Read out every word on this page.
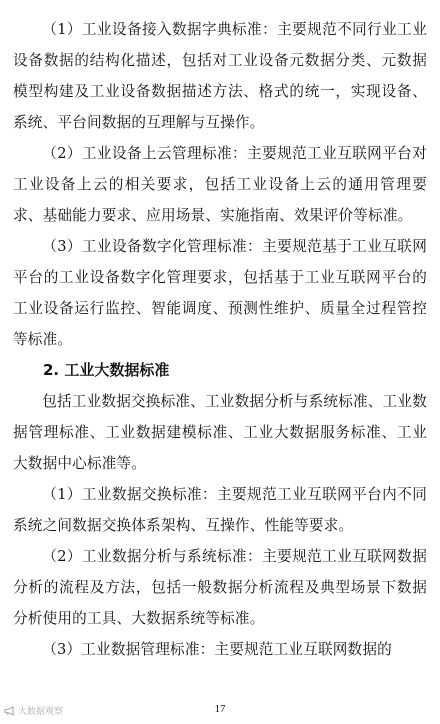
（1）工业设备接入数据字典标准：主要规范不同行业工业设备数据的结构化描述，包括对工业设备元数据分类、元数据模型构建及工业设备数据描述方法、格式的统一，实现设备、系统、平台间数据的互理解与互操作。

（2）工业设备上云管理标准：主要规范工业互联网平台对工业设备上云的相关要求，包括工业设备上云的通用管理要求、基础能力要求、应用场景、实施指南、效果评价等标准。

（3）工业设备数字化管理标准：主要规范基于工业互联网平台的工业设备数字化管理要求，包括基于工业互联网平台的工业设备运行监控、智能调度、预测性维护、质量全过程管控等标准。

2. 工业大数据标准

包括工业数据交换标准、工业数据分析与系统标准、工业数据管理标准、工业数据建模标准、工业大数据服务标准、工业大数据中心标准等。

（1）工业数据交换标准：主要规范工业互联网平台内不同系统之间数据交换体系架构、互操作、性能等要求。

（2）工业数据分析与系统标准：主要规范工业互联网数据分析的流程及方法，包括一般数据分析流程及典型场景下数据分析使用的工具、大数据系统等标准。

（3）工业数据管理标准：主要规范工业互联网数据的

17
大数据观察
